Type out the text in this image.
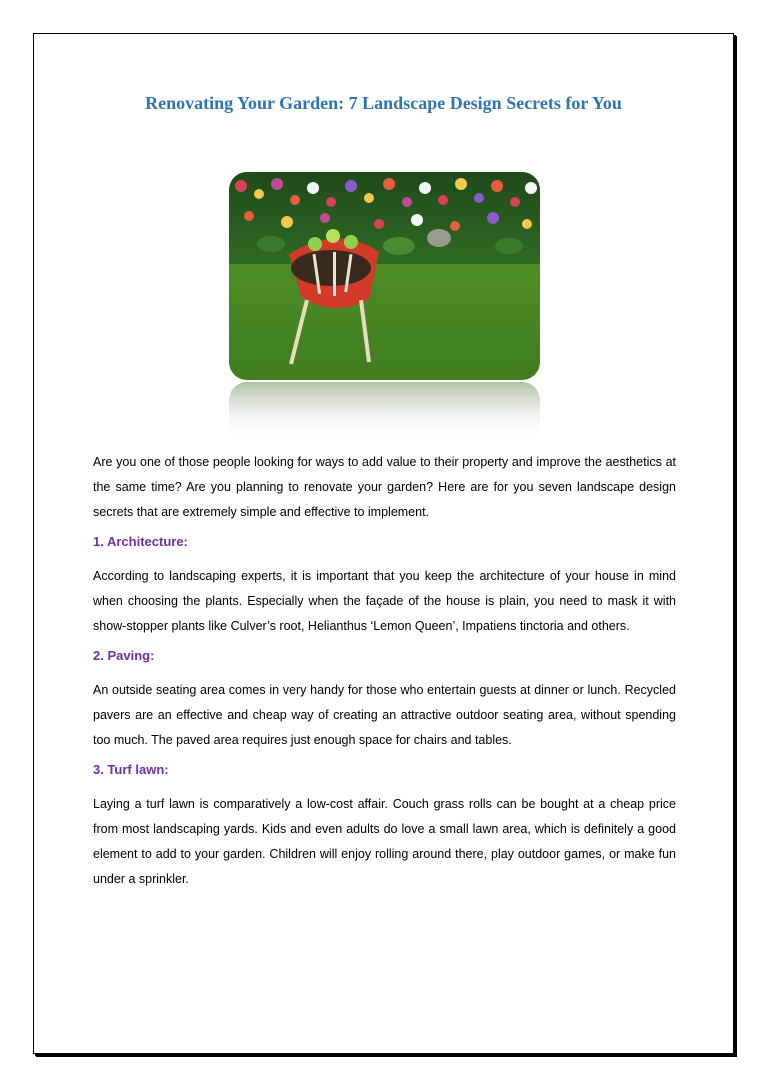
Renovating Your Garden: 7 Landscape Design Secrets for You

Are you one of those people looking for ways to add value to their property and improve the aesthetics at the same time? Are you planning to renovate your garden? Here are for you seven landscape design secrets that are extremely simple and effective to implement.

1. Architecture:

According to landscaping experts, it is important that you keep the architecture of your house in mind when choosing the plants. Especially when the façade of the house is plain, you need to mask it with show-stopper plants like Culver’s root, Helianthus ‘Lemon Queen’, Impatiens tinctoria and others.

2. Paving:

An outside seating area comes in very handy for those who entertain guests at dinner or lunch. Recycled pavers are an effective and cheap way of creating an attractive outdoor seating area, without spending too much. The paved area requires just enough space for chairs and tables.

3. Turf lawn:

Laying a turf lawn is comparatively a low-cost affair. Couch grass rolls can be bought at a cheap price from most landscaping yards. Kids and even adults do love a small lawn area, which is definitely a good element to add to your garden. Children will enjoy rolling around there, play outdoor games, or make fun under a sprinkler.
